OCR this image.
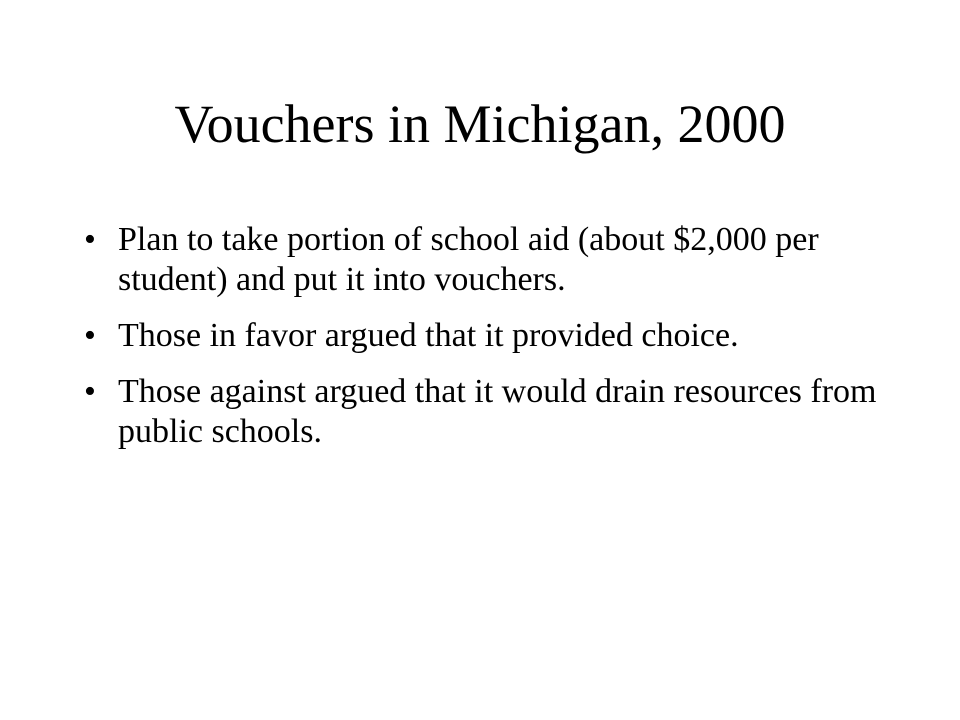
Vouchers in Michigan, 2000
• Plan to take portion of school aid (about $2,000 per student) and put it into vouchers.
• Those in favor argued that it provided choice.
• Those against argued that it would drain resources from public schools.
